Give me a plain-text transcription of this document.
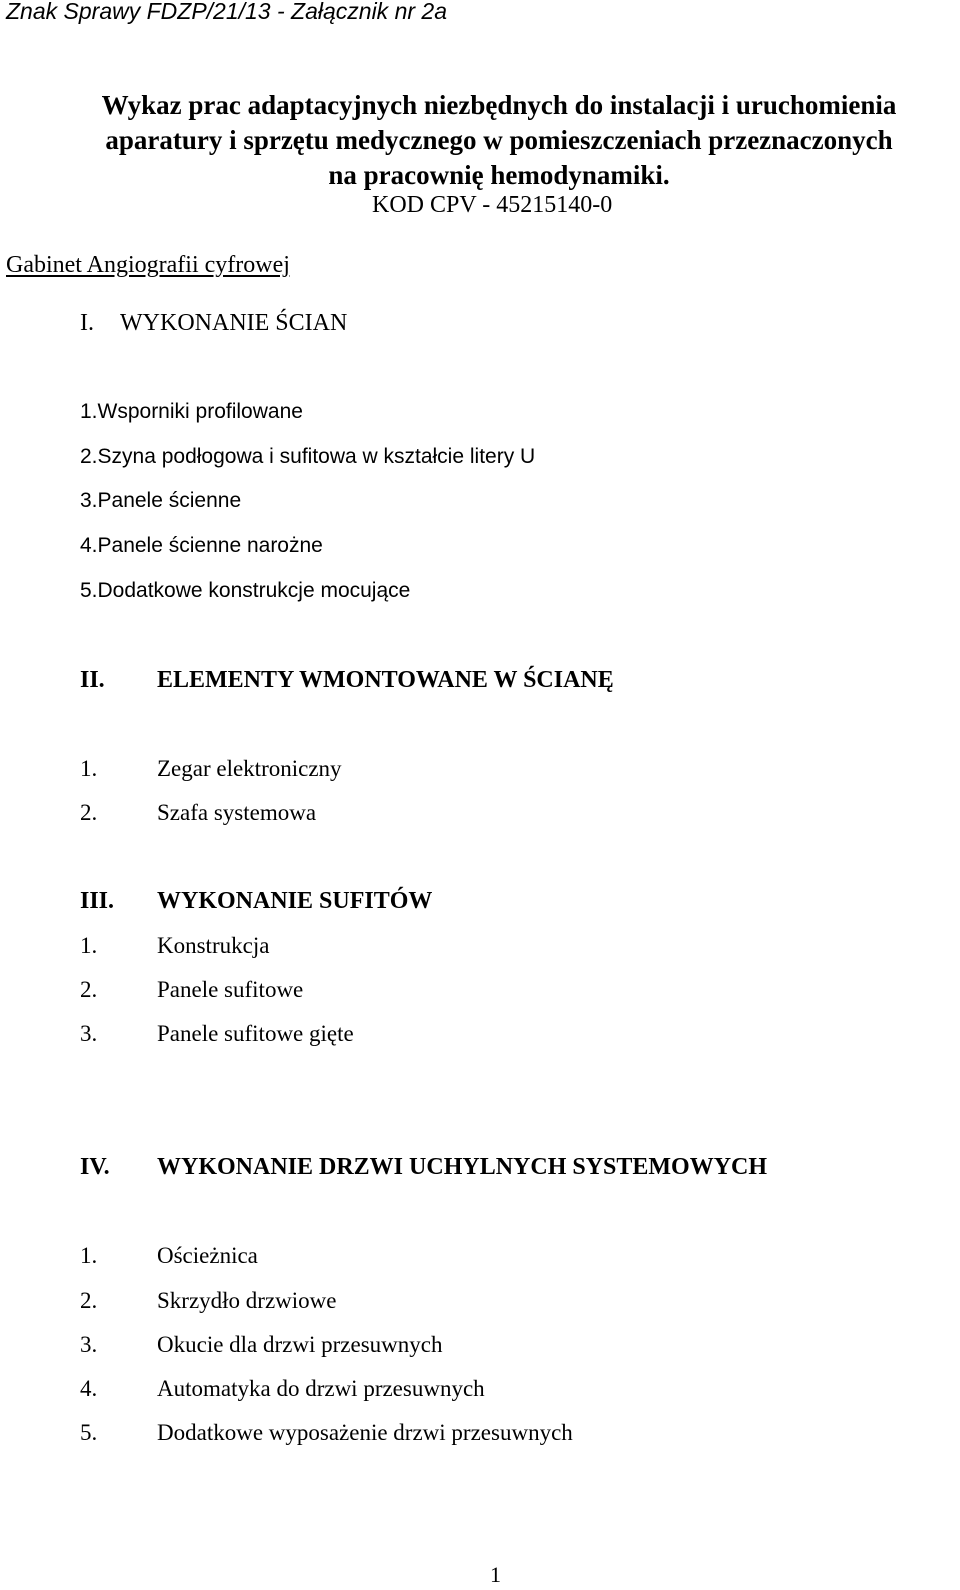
Znak Sprawy FDZP/21/13 - Załącznik nr 2a
Wykaz prac adaptacyjnych niezbędnych do instalacji i uruchomienia
aparatury i sprzętu medycznego w pomieszczeniach przeznaczonych
na pracownię hemodynamiki.
KOD CPV - 45215140-0
Gabinet Angiografii cyfrowej
I. WYKONANIE ŚCIAN
1.Wsporniki profilowane
2.Szyna podłogowa i sufitowa w kształcie litery U
3.Panele ścienne
4.Panele ścienne narożne
5.Dodatkowe konstrukcje mocujące
II. ELEMENTY WMONTOWANE W ŚCIANĘ
1.	Zegar elektroniczny
2.	Szafa systemowa
III. WYKONANIE SUFITÓW
1.	Konstrukcja
2.	Panele sufitowe
3.	Panele sufitowe gięte
IV. WYKONANIE DRZWI UCHYLNYCH SYSTEMOWYCH
1.	Ościeżnica
2.	Skrzydło drzwiowe
3.	Okucie dla drzwi przesuwnych
4.	Automatyka do drzwi przesuwnych
5.	Dodatkowe wyposażenie drzwi przesuwnych
1
